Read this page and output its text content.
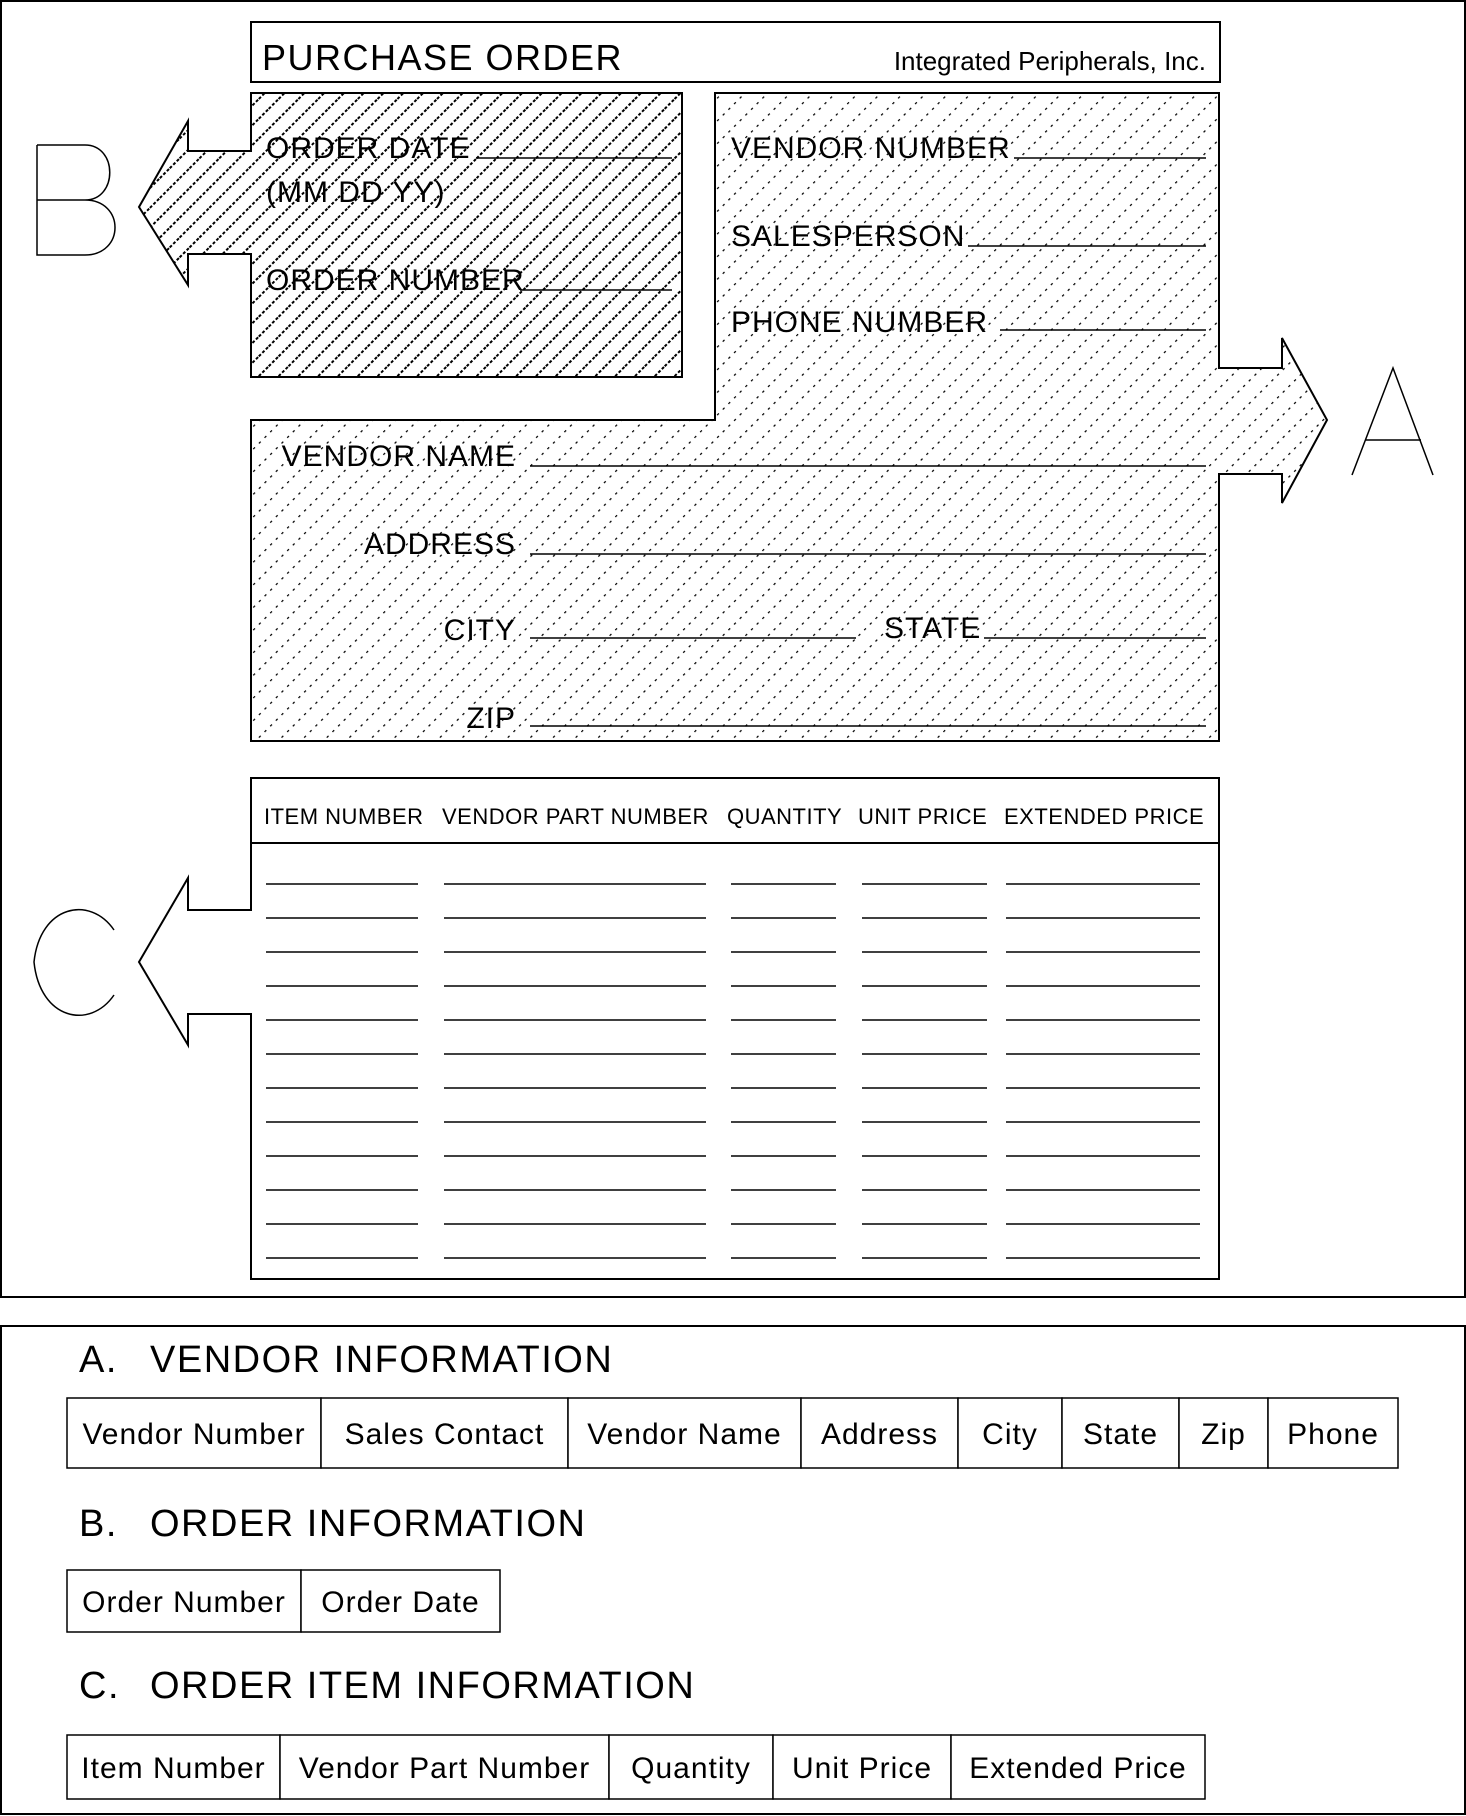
PURCHASE ORDER	Integrated Peripherals, Inc.
ORDER DATE
(MM DD YY)
ORDER NUMBER
VENDOR NUMBER
SALESPERSON
PHONE NUMBER
VENDOR NAME
ADDRESS
CITY	STATE
ZIP
ITEM NUMBER VENDOR PART NUMBER QUANTITY UNIT PRICE EXTENDED PRICE
A. VENDOR INFORMATION
Vendor Number Sales Contact Vendor Name Address City State Zip Phone
B. ORDER INFORMATION
Order Number Order Date
C. ORDER ITEM INFORMATION
Item Number Vendor Part Number Quantity Unit Price Extended Price
